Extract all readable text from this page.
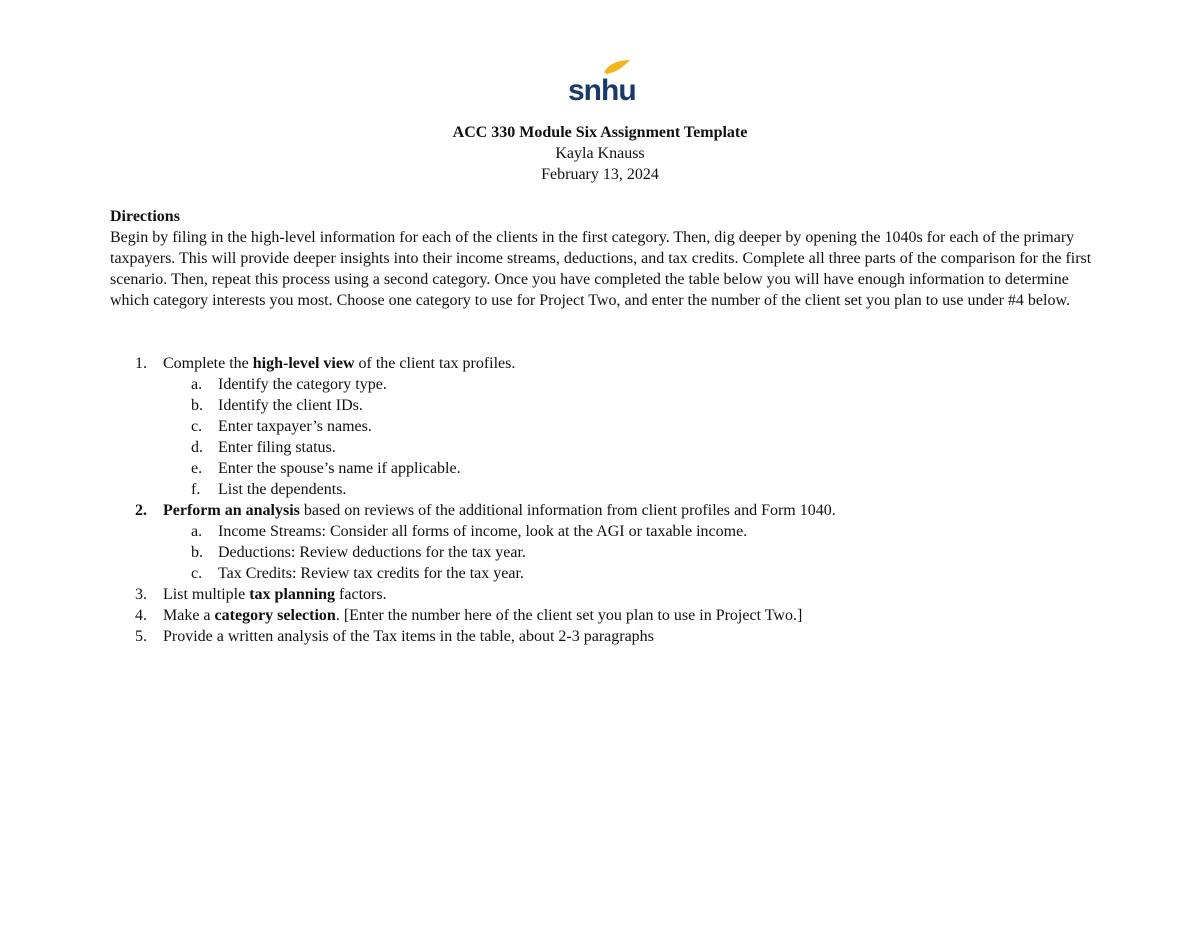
snhu
ACC 330 Module Six Assignment Template
Kayla Knauss
February 13, 2024
Directions

Begin by filing in the high-level information for each of the clients in the first category. Then, dig deeper by opening the 1040s for each of the primary taxpayers. This will provide deeper insights into their income streams, deductions, and tax credits. Complete all three parts of the comparison for the first scenario. Then, repeat this process using a second category. Once you have completed the table below you will have enough information to determine which category interests you most. Choose one category to use for Project Two, and enter the number of the client set you plan to use under #4 below.

1. Complete the high-level view of the client tax profiles.
a. Identify the category type.
b. Identify the client IDs.
c. Enter taxpayer’s names.
d. Enter filing status.
e. Enter the spouse’s name if applicable.
f. List the dependents.
2. Perform an analysis based on reviews of the additional information from client profiles and Form 1040.
a. Income Streams: Consider all forms of income, look at the AGI or taxable income.
b. Deductions: Review deductions for the tax year.
c. Tax Credits: Review tax credits for the tax year.
3. List multiple tax planning factors.
4. Make a category selection. [Enter the number here of the client set you plan to use in Project Two.]
5. Provide a written analysis of the Tax items in the table, about 2-3 paragraphs
